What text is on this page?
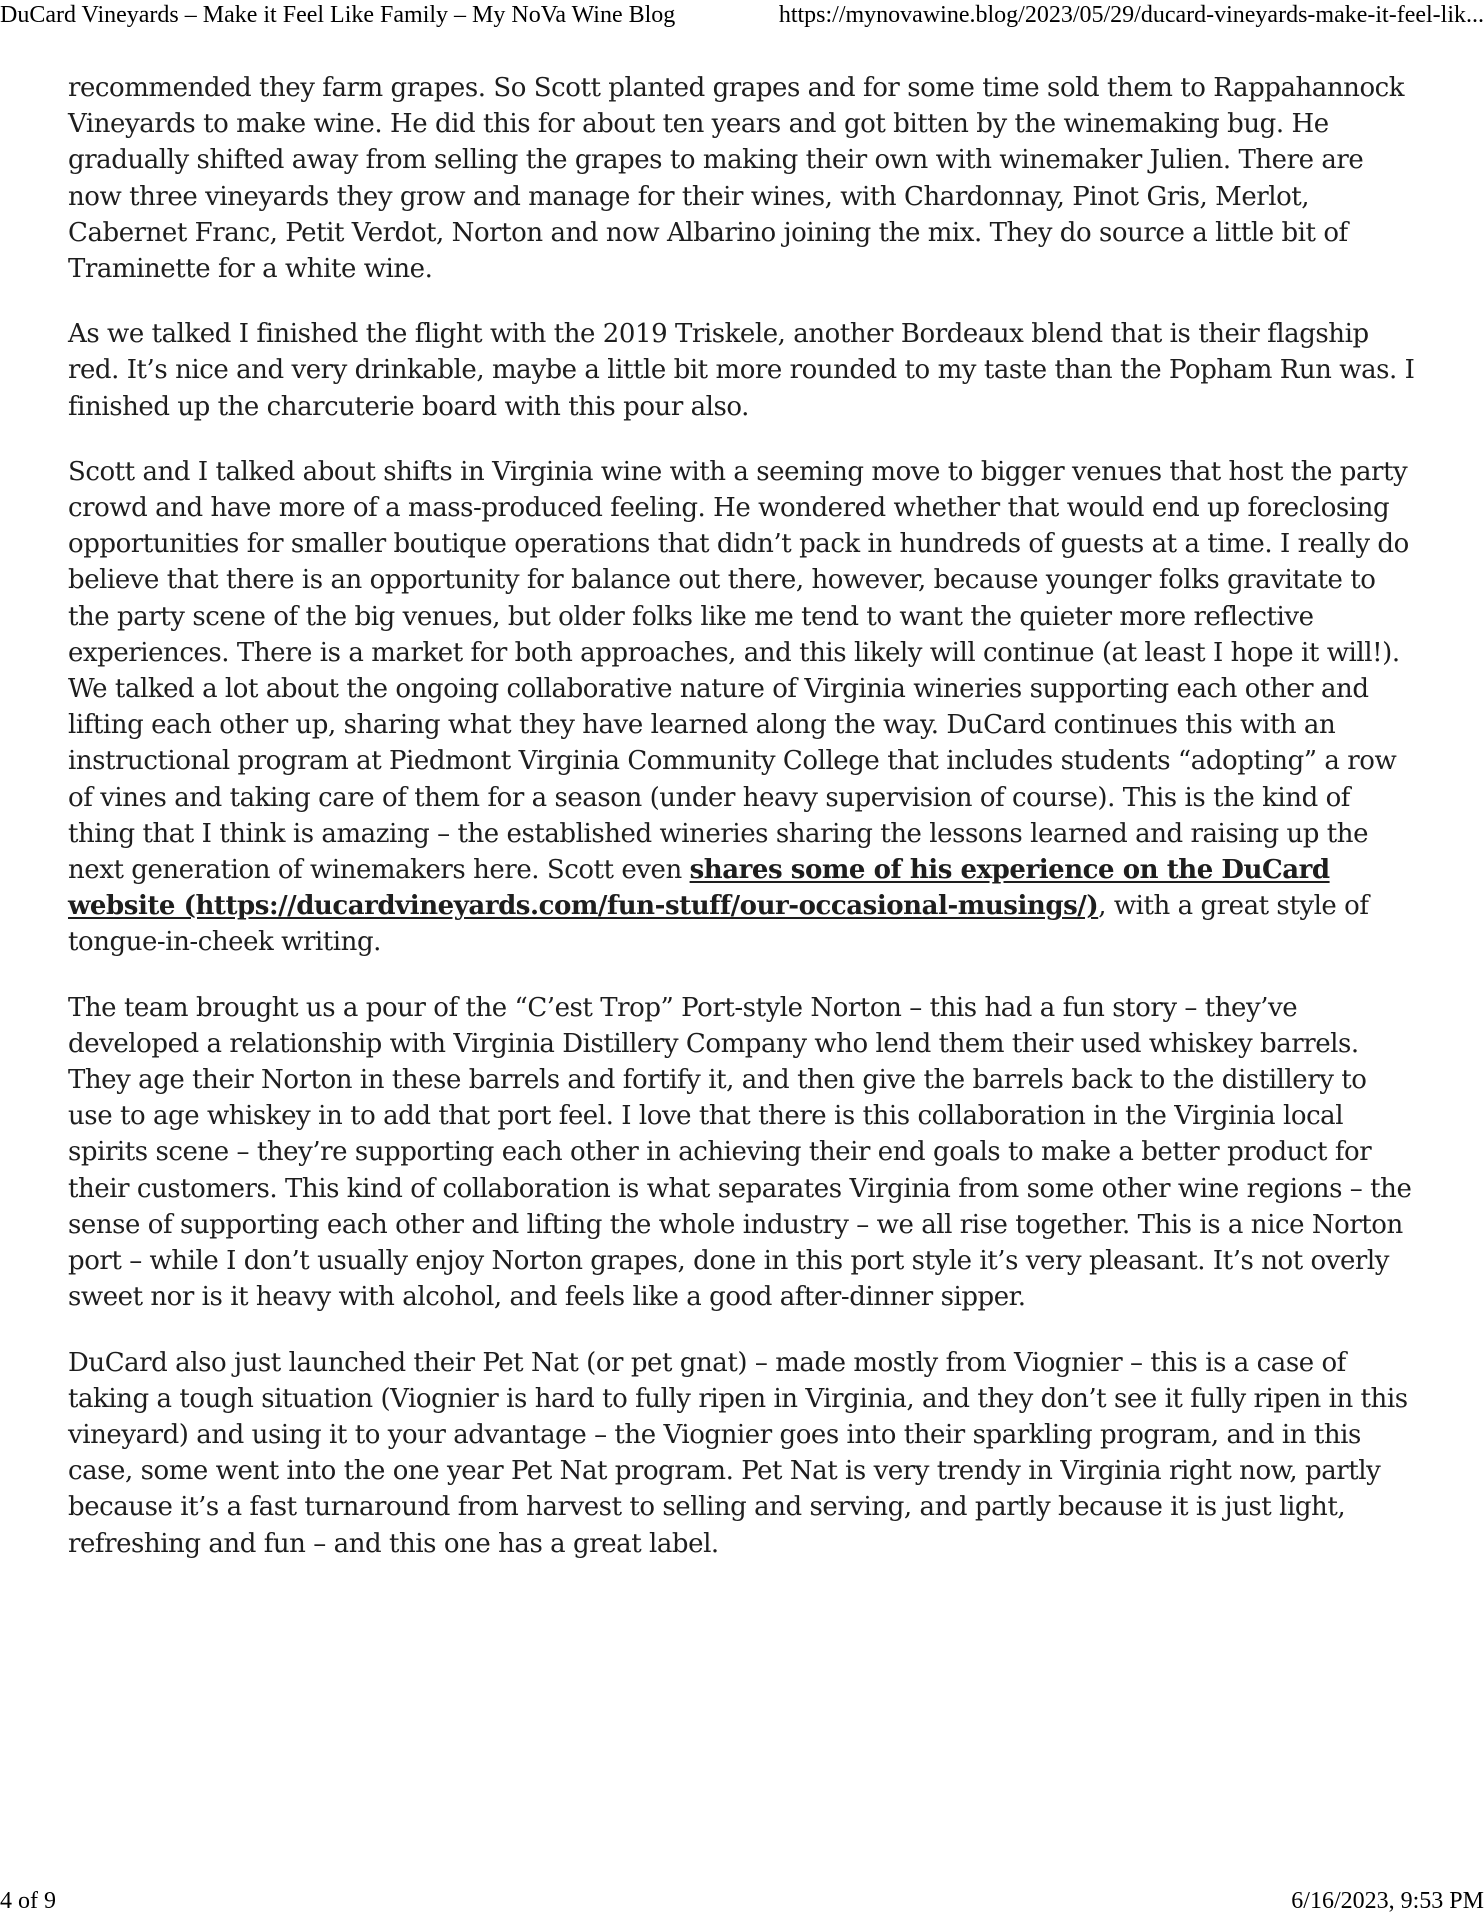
DuCard Vineyards – Make it Feel Like Family – My NoVa Wine Blog	https://mynovawine.blog/2023/05/29/ducard-vineyards-make-it-feel-lik...

recommended they farm grapes. So Scott planted grapes and for some time sold them to Rappahannock Vineyards to make wine. He did this for about ten years and got bitten by the winemaking bug. He gradually shifted away from selling the grapes to making their own with winemaker Julien. There are now three vineyards they grow and manage for their wines, with Chardonnay, Pinot Gris, Merlot, Cabernet Franc, Petit Verdot, Norton and now Albarino joining the mix. They do source a little bit of Traminette for a white wine.

As we talked I finished the flight with the 2019 Triskele, another Bordeaux blend that is their flagship red. It’s nice and very drinkable, maybe a little bit more rounded to my taste than the Popham Run was. I finished up the charcuterie board with this pour also.

Scott and I talked about shifts in Virginia wine with a seeming move to bigger venues that host the party crowd and have more of a mass-produced feeling. He wondered whether that would end up foreclosing opportunities for smaller boutique operations that didn’t pack in hundreds of guests at a time. I really do believe that there is an opportunity for balance out there, however, because younger folks gravitate to the party scene of the big venues, but older folks like me tend to want the quieter more reflective experiences. There is a market for both approaches, and this likely will continue (at least I hope it will!). We talked a lot about the ongoing collaborative nature of Virginia wineries supporting each other and lifting each other up, sharing what they have learned along the way. DuCard continues this with an instructional program at Piedmont Virginia Community College that includes students “adopting” a row of vines and taking care of them for a season (under heavy supervision of course). This is the kind of thing that I think is amazing – the established wineries sharing the lessons learned and raising up the next generation of winemakers here. Scott even shares some of his experience on the DuCard website (https://ducardvineyards.com/fun-stuff/our-occasional-musings/), with a great style of tongue-in-cheek writing.

The team brought us a pour of the “C’est Trop” Port-style Norton – this had a fun story – they’ve developed a relationship with Virginia Distillery Company who lend them their used whiskey barrels. They age their Norton in these barrels and fortify it, and then give the barrels back to the distillery to use to age whiskey in to add that port feel. I love that there is this collaboration in the Virginia local spirits scene – they’re supporting each other in achieving their end goals to make a better product for their customers. This kind of collaboration is what separates Virginia from some other wine regions – the sense of supporting each other and lifting the whole industry – we all rise together. This is a nice Norton port – while I don’t usually enjoy Norton grapes, done in this port style it’s very pleasant. It’s not overly sweet nor is it heavy with alcohol, and feels like a good after-dinner sipper.

DuCard also just launched their Pet Nat (or pet gnat) – made mostly from Viognier – this is a case of taking a tough situation (Viognier is hard to fully ripen in Virginia, and they don’t see it fully ripen in this vineyard) and using it to your advantage – the Viognier goes into their sparkling program, and in this case, some went into the one year Pet Nat program. Pet Nat is very trendy in Virginia right now, partly because it’s a fast turnaround from harvest to selling and serving, and partly because it is just light, refreshing and fun – and this one has a great label.

4 of 9	6/16/2023, 9:53 PM
